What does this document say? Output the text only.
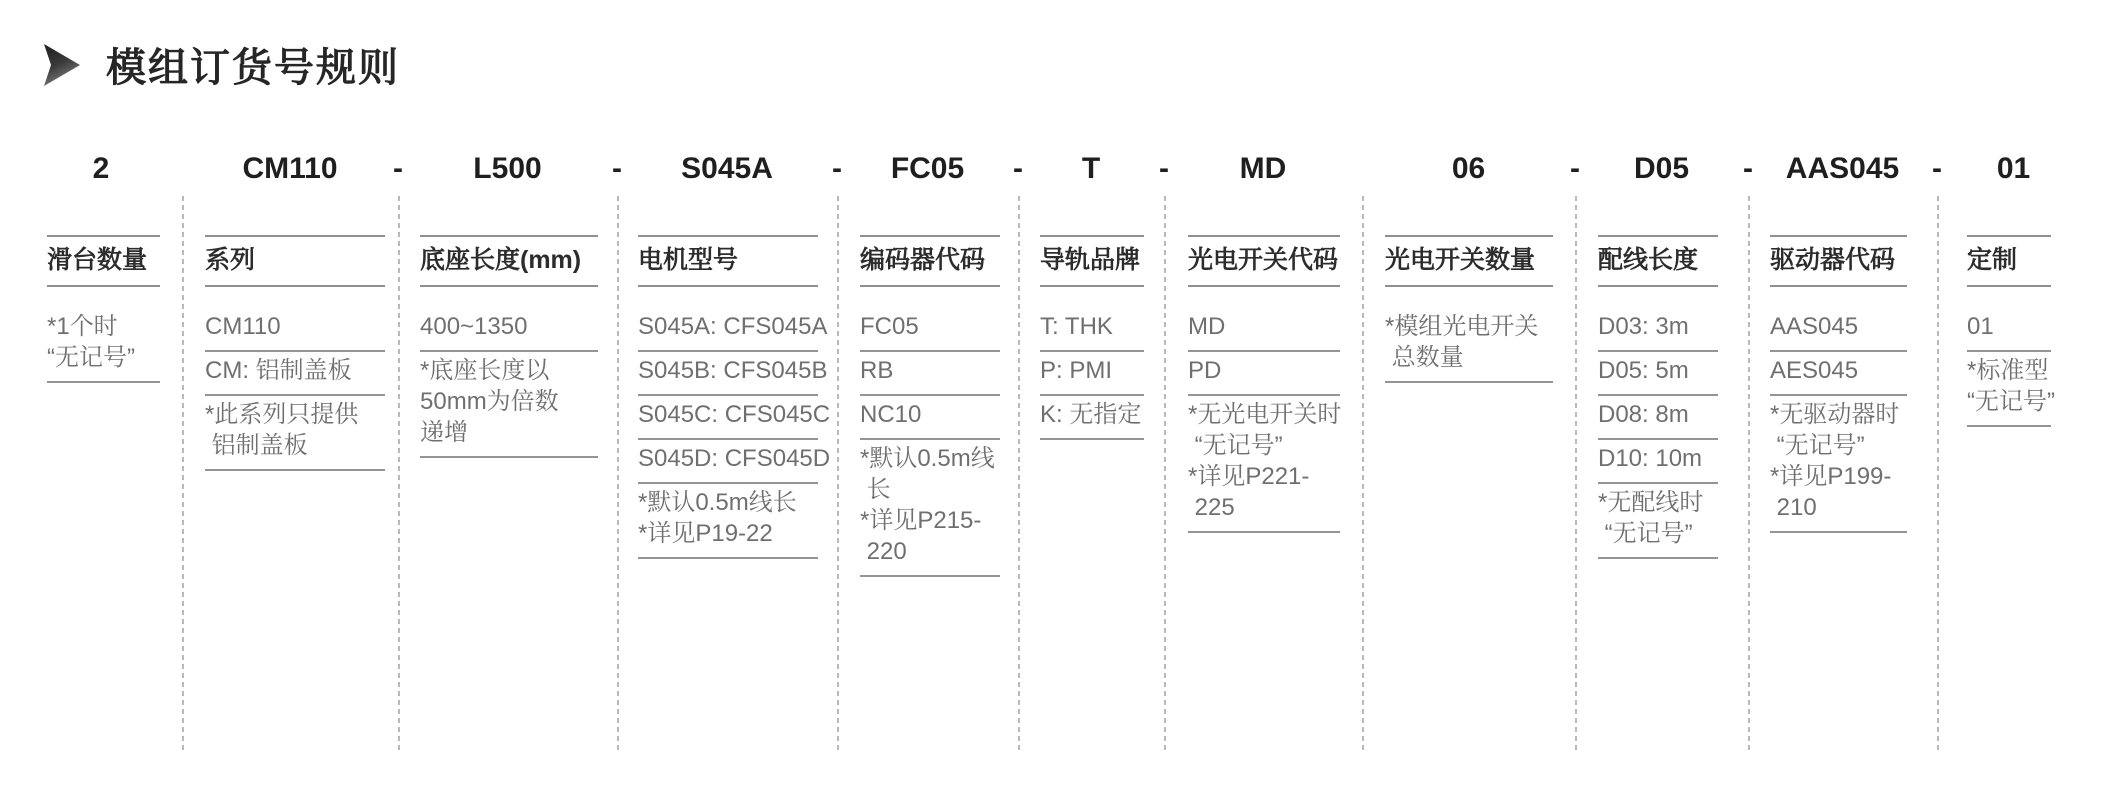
模组订货号规则
2
滑台数量
*1个时
“无记号”
CM110 -
系列
CM110
CM: 铝制盖板
*此系列只提供
铝制盖板
L500 -
底座长度(mm)
400~1350
*底座长度以
50mm为倍数
递增
S045A -
电机型号
S045A: CFS045A
S045B: CFS045B
S045C: CFS045C
S045D: CFS045D
*默认0.5m线长
*详见P19-22
FC05 -
编码器代码
FC05
RB
NC10
*默认0.5m线
长
*详见P215-
220
T -
导轨品牌
T: THK
P: PMI
K: 无指定
MD
光电开关代码
MD
PD
*无光电开关时
“无记号”
*详见P221-
225
06	-
光电开关数量
*模组光电开关
总数量
D05 -
配线长度
D03: 3m
D05: 5m
D08: 8m
D10: 10m
*无配线时
“无记号”
AAS045 -
驱动器代码
AAS045
AES045
*无驱动器时
“无记号”
*详见P199-
210
01
定制
01
*标准型
“无记号”
